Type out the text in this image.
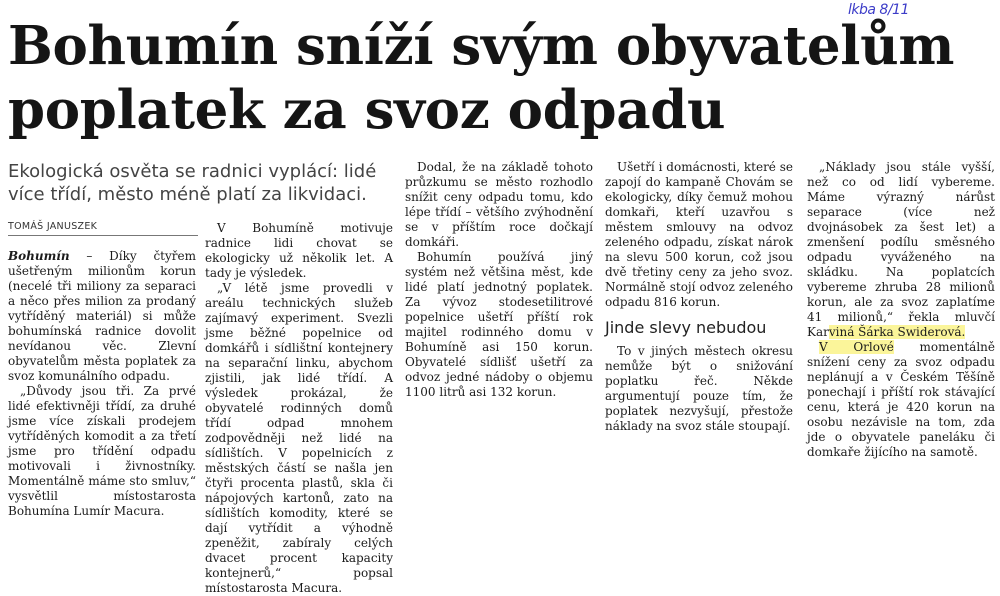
lkba 8/11
Bohumín sníží svým obyvatelům poplatek za svoz odpadu

Ekologická osvěta se radnici vyplácí: lidé více třídí, město méně platí za likvidaci.

TOMÁŠ JANUSZEK

Bohumín – Díky čtyřem ušetřeným milionům korun (necelé tři miliony za separaci a něco přes milion za prodaný vytříděný materiál) si může bohumínská radnice dovolit nevídanou věc. Zlevní obyvatelům města poplatek za svoz komunálního odpadu.

„Důvody jsou tři. Za prvé lidé efektivněji třídí, za druhé jsme více získali prodejem vytříděných komodit a za třetí jsme pro třídění odpadu motivovali i živnostníky. Momentálně máme sto smluv,“ vysvětlil místostarosta Bohumína Lumír Macura.

V Bohumíně motivuje radnice lidi chovat se ekologicky už několik let. A tady je výsledek.

„V létě jsme provedli v areálu technických služeb zajímavý experiment. Svezli jsme běžné popelnice od domkářů i sídlištní kontejnery na separační linku, abychom zjistili, jak lidé třídí. A výsledek prokázal, že obyvatelé rodinných domů třídí odpad mnohem zodpovědněji než lidé na sídlištích. V popelnicích z městských částí se našla jen čtyři procenta plastů, skla či nápojových kartonů, zato na sídlištích komodity, které se dají vytřídit a výhodně zpeněžit, zabíraly celých dvacet procent kapacity kontejnerů,“ popsal místostarosta Macura.

Dodal, že na základě tohoto průzkumu se město rozhodlo snížit ceny odpadu tomu, kdo lépe třídí – většího zvýhodnění se v příštím roce dočkají domkáři.

Bohumín používá jiný systém než většina měst, kde lidé platí jednotný poplatek. Za vývoz stodesetilitrové popelnice ušetří příští rok majitel rodinného domu v Bohumíně asi 150 korun. Obyvatelé sídlišť ušetří za odvoz jedné nádoby o objemu 1100 litrů asi 132 korun.

Ušetří i domácnosti, které se zapojí do kampaně Chovám se ekologicky, díky čemuž mohou domkaři, kteří uzavřou s městem smlouvy na odvoz zeleného odpadu, získat nárok na slevu 500 korun, což jsou dvě třetiny ceny za jeho svoz. Normálně stojí odvoz zeleného odpadu 816 korun.

Jinde slevy nebudou

To v jiných městech okresu nemůže být o snižování poplatku řeč. Někde argumentují pouze tím, že poplatek nezvyšují, přestože náklady na svoz stále stoupají.

„Náklady jsou stále vyšší, než co od lidí vybereme. Máme výrazný nárůst separace (více než dvojnásobek za šest let) a zmenšení podílu směsného odpadu vyváženého na skládku. Na poplatcích vybereme zhruba 28 milionů korun, ale za svoz zaplatíme 41 milionů,“ řekla mluvčí Karviná Šárka Swiderová.

V Orlové momentálně snížení ceny za svoz odpadu neplánují a v Českém Těšíně ponechají i příští rok stávající cenu, která je 420 korun na osobu nezávisle na tom, zda jde o obyvatele paneláku či domkaře žijícího na samotě.
